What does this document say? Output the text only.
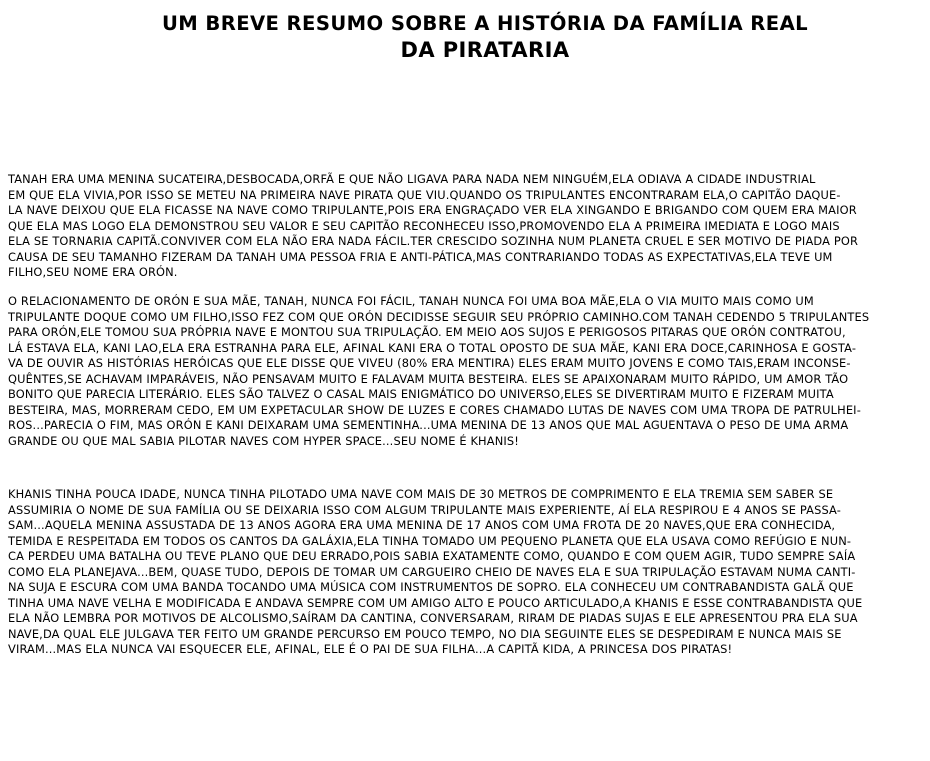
UM BREVE RESUMO SOBRE A HISTÓRIA DA FAMÍLIA REAL
DA PIRATARIA
TANAH ERA UMA MENINA SUCATEIRA,DESBOCADA,ORFÃ E QUE NÃO LIGAVA PARA NADA NEM NINGUÉM,ELA ODIAVA A CIDADE INDUSTRIAL
EM QUE ELA VIVIA,POR ISSO SE METEU NA PRIMEIRA NAVE PIRATA QUE VIU.QUANDO OS TRIPULANTES ENCONTRARAM ELA,O CAPITÃO DAQUE-
LA NAVE DEIXOU QUE ELA FICASSE NA NAVE COMO TRIPULANTE,POIS ERA ENGRAÇADO VER ELA XINGANDO E BRIGANDO COM QUEM ERA MAIOR
QUE ELA MAS LOGO ELA DEMONSTROU SEU VALOR E SEU CAPITÃO RECONHECEU ISSO,PROMOVENDO ELA A PRIMEIRA IMEDIATA E LOGO MAIS
ELA SE TORNARIA CAPITÃ.CONVIVER COM ELA NÃO ERA NADA FÁCIL.TER CRESCIDO SOZINHA NUM PLANETA CRUEL E SER MOTIVO DE PIADA POR
CAUSA DE SEU TAMANHO FIZERAM DA TANAH UMA PESSOA FRIA E ANTI-PÁTICA,MAS CONTRARIANDO TODAS AS EXPECTATIVAS,ELA TEVE UM
FILHO,SEU NOME ERA ORÓN.
O RELACIONAMENTO DE ORÓN E SUA MÃE, TANAH, NUNCA FOI FÁCIL, TANAH NUNCA FOI UMA BOA MÃE,ELA O VIA MUITO MAIS COMO UM
TRIPULANTE DOQUE COMO UM FILHO,ISSO FEZ COM QUE ORÓN DECIDISSE SEGUIR SEU PRÓPRIO CAMINHO.COM TANAH CEDENDO 5 TRIPULANTES
PARA ORÓN,ELE TOMOU SUA PRÓPRIA NAVE E MONTOU SUA TRIPULAÇÃO. EM MEIO AOS SUJOS E PERIGOSOS PITARAS QUE ORÓN CONTRATOU,
LÁ ESTAVA ELA, KANI LAO,ELA ERA ESTRANHA PARA ELE, AFINAL KANI ERA O TOTAL OPOSTO DE SUA MÃE, KANI ERA DOCE,CARINHOSA E GOSTA-
VA DE OUVIR AS HISTÓRIAS HERÓICAS QUE ELE DISSE QUE VIVEU (80% ERA MENTIRA) ELES ERAM MUITO JOVENS E COMO TAIS,ERAM INCONSE-
QUÊNTES,SE ACHAVAM IMPARÁVEIS, NÃO PENSAVAM MUITO E FALAVAM MUITA BESTEIRA. ELES SE APAIXONARAM MUITO RÁPIDO, UM AMOR TÃO
BONITO QUE PARECIA LITERÁRIO. ELES SÃO TALVEZ O CASAL MAIS ENIGMÁTICO DO UNIVERSO,ELES SE DIVERTIRAM MUITO E FIZERAM MUITA
BESTEIRA, MAS, MORRERAM CEDO, EM UM EXPETACULAR SHOW DE LUZES E CORES CHAMADO LUTAS DE NAVES COM UMA TROPA DE PATRULHEI-
ROS...PARECIA O FIM, MAS ORÓN E KANI DEIXARAM UMA SEMENTINHA...UMA MENINA DE 13 ANOS QUE MAL AGUENTAVA O PESO DE UMA ARMA
GRANDE OU QUE MAL SABIA PILOTAR NAVES COM HYPER SPACE...SEU NOME É KHANIS!
KHANIS TINHA POUCA IDADE, NUNCA TINHA PILOTADO UMA NAVE COM MAIS DE 30 METROS DE COMPRIMENTO E ELA TREMIA SEM SABER SE
ASSUMIRIA O NOME DE SUA FAMÍLIA OU SE DEIXARIA ISSO COM ALGUM TRIPULANTE MAIS EXPERIENTE, AÍ ELA RESPIROU E 4 ANOS SE PASSA-
SAM...AQUELA MENINA ASSUSTADA DE 13 ANOS AGORA ERA UMA MENINA DE 17 ANOS COM UMA FROTA DE 20 NAVES,QUE ERA CONHECIDA,
TEMIDA E RESPEITADA EM TODOS OS CANTOS DA GALÁXIA,ELA TINHA TOMADO UM PEQUENO PLANETA QUE ELA USAVA COMO REFÚGIO E NUN-
CA PERDEU UMA BATALHA OU TEVE PLANO QUE DEU ERRADO,POIS SABIA EXATAMENTE COMO, QUANDO E COM QUEM AGIR, TUDO SEMPRE SAÍA
COMO ELA PLANEJAVA...BEM, QUASE TUDO, DEPOIS DE TOMAR UM CARGUEIRO CHEIO DE NAVES ELA E SUA TRIPULAÇÃO ESTAVAM NUMA CANTI-
NA SUJA E ESCURA COM UMA BANDA TOCANDO UMA MÚSICA COM INSTRUMENTOS DE SOPRO. ELA CONHECEU UM CONTRABANDISTA GALÃ QUE
TINHA UMA NAVE VELHA E MODIFICADA E ANDAVA SEMPRE COM UM AMIGO ALTO E POUCO ARTICULADO,A KHANIS E ESSE CONTRABANDISTA QUE
ELA NÃO LEMBRA POR MOTIVOS DE ALCOLISMO,SAÍRAM DA CANTINA, CONVERSARAM, RIRAM DE PIADAS SUJAS E ELE APRESENTOU PRA ELA SUA
NAVE,DA QUAL ELE JULGAVA TER FEITO UM GRANDE PERCURSO EM POUCO TEMPO, NO DIA SEGUINTE ELES SE DESPEDIRAM E NUNCA MAIS SE
VIRAM...MAS ELA NUNCA VAI ESQUECER ELE, AFINAL, ELE É O PAI DE SUA FILHA...A CAPITÃ KIDA, A PRINCESA DOS PIRATAS!
